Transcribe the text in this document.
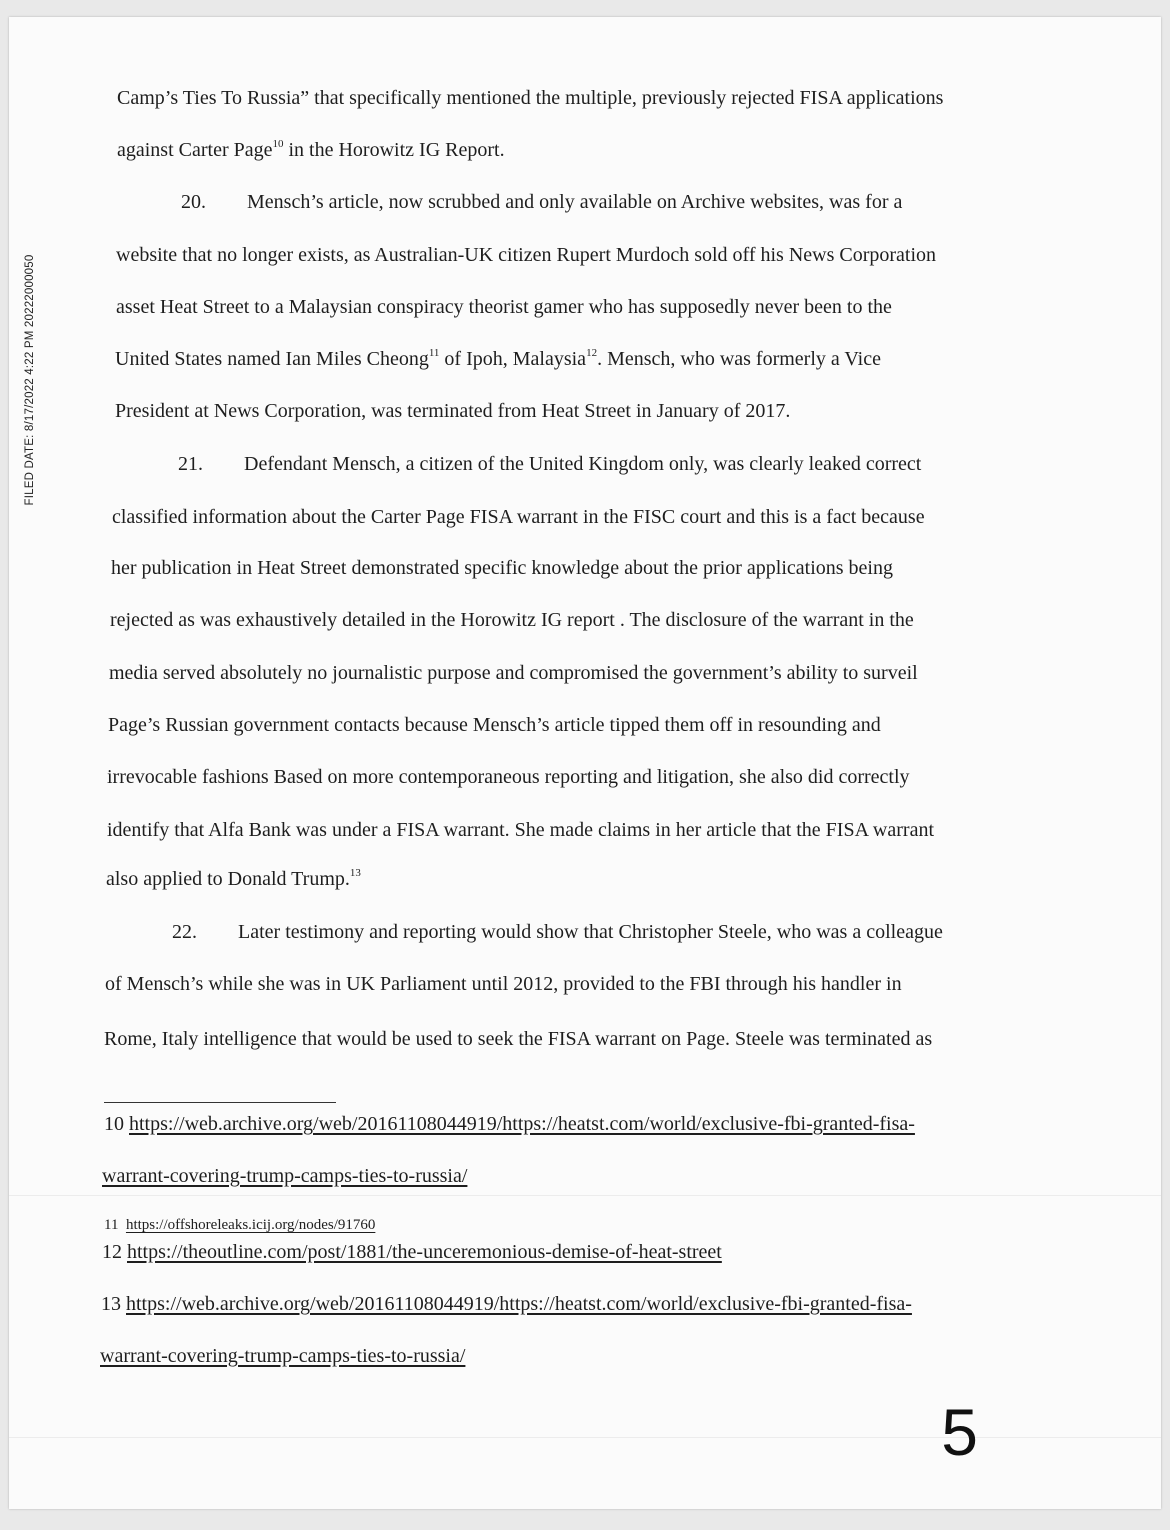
FILED DATE: 8/17/2022 4:22 PM 20222000050
Camp’s Ties To Russia” that specifically mentioned the multiple, previously rejected FISA applications
against Carter Page$^{10}$ in the Horowitz IG Report.
20. Mensch’s article, now scrubbed and only available on Archive websites, was for a
website that no longer exists, as Australian-UK citizen Rupert Murdoch sold off his News Corporation
asset Heat Street to a Malaysian conspiracy theorist gamer who has supposedly never been to the
United States named Ian Miles Cheong$^{11}$ of Ipoh, Malaysia$^{12}$. Mensch, who was formerly a Vice
President at News Corporation, was terminated from Heat Street in January of 2017.
21. Defendant Mensch, a citizen of the United Kingdom only, was clearly leaked correct
classified information about the Carter Page FISA warrant in the FISC court and this is a fact because
her publication in Heat Street demonstrated specific knowledge about the prior applications being
rejected as was exhaustively detailed in the Horowitz IG report . The disclosure of the warrant in the
media served absolutely no journalistic purpose and compromised the government’s ability to surveil
Page’s Russian government contacts because Mensch’s article tipped them off in resounding and
irrevocable fashions Based on more contemporaneous reporting and litigation, she also did correctly
identify that Alfa Bank was under a FISA warrant. She made claims in her article that the FISA warrant
also applied to Donald Trump.$^{13}$
22. Later testimony and reporting would show that Christopher Steele, who was a colleague
of Mensch’s while she was in UK Parliament until 2012, provided to the FBI through his handler in
Rome, Italy intelligence that would be used to seek the FISA warrant on Page. Steele was terminated as
10 https://web.archive.org/web/20161108044919/https://heatst.com/world/exclusive-fbi-granted-fisa-
warrant-covering-trump-camps-ties-to-russia/
11 https://offshoreleaks.icij.org/nodes/91760
12 https://theoutline.com/post/1881/the-unceremonious-demise-of-heat-street
13 https://web.archive.org/web/20161108044919/https://heatst.com/world/exclusive-fbi-granted-fisa-
warrant-covering-trump-camps-ties-to-russia/
5
